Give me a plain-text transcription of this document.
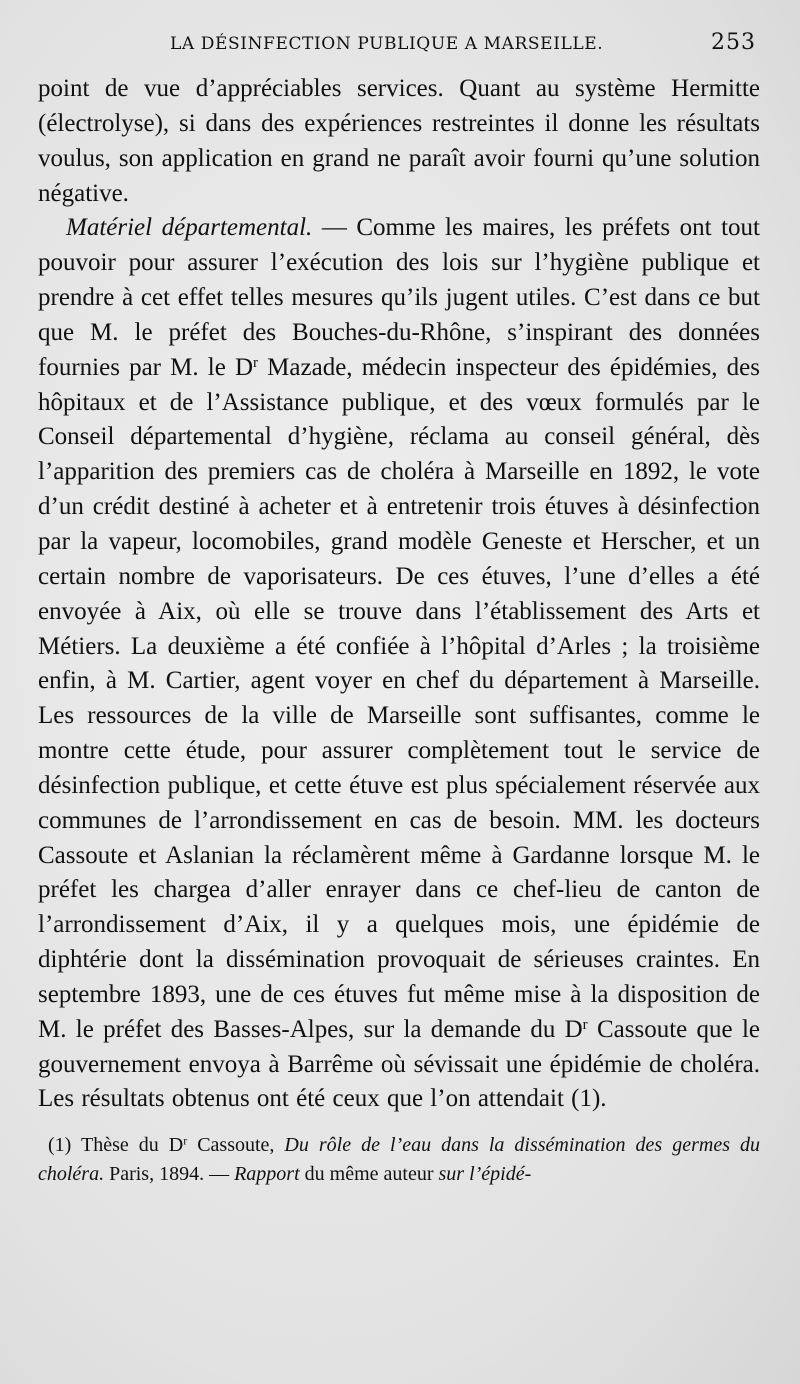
LA DÉSINFECTION PUBLIQUE A MARSEILLE.	253

point de vue d’appréciables services. Quant au système Hermitte (électrolyse), si dans des expériences restreintes il donne les résultats voulus, son application en grand ne paraît avoir fourni qu’une solution négative.

Matériel départemental. — Comme les maires, les préfets ont tout pouvoir pour assurer l’exécution des lois sur l’hygiène publique et prendre à cet effet telles mesures qu’ils jugent utiles. C’est dans ce but que M. le préfet des Bouches-du-Rhône, s’inspirant des données fournies par M. le $D^r$ Mazade, médecin inspecteur des épidémies, des hôpitaux et de l’Assistance publique, et des vœux formulés par le Conseil départemental d’hygiène, réclama au conseil général, dès l’apparition des premiers cas de choléra à Marseille en 1892, le vote d’un crédit destiné à acheter et à entretenir trois étuves à désinfection par la vapeur, locomobiles, grand modèle Geneste et Herscher, et un certain nombre de vaporisateurs. De ces étuves, l’une d’elles a été envoyée à Aix, où elle se trouve dans l’établissement des Arts et Métiers. La deuxième a été confiée à l’hôpital d’Arles ; la troisième enfin, à M. Cartier, agent voyer en chef du département à Marseille. Les ressources de la ville de Marseille sont suffisantes, comme le montre cette étude, pour assurer complètement tout le service de désinfection publique, et cette étuve est plus spécialement réservée aux communes de l’arrondissement en cas de besoin. MM. les docteurs Cassoute et Aslanian la réclamèrent même à Gardanne lorsque M. le préfet les chargea d’aller enrayer dans ce chef-lieu de canton de l’arrondissement d’Aix, il y a quelques mois, une épidémie de diphtérie dont la dissémination provoquait de sérieuses craintes. En septembre 1893, une de ces étuves fut même mise à la disposition de M. le préfet des Basses-Alpes, sur la demande du $D^r$ Cassoute que le gouvernement envoya à Barrême où sévissait une épidémie de choléra. Les résultats obtenus ont été ceux que l’on attendait (1).

(1) Thèse du $D^r$ Cassoute, Du rôle de l’eau dans la dissémination des germes du choléra. Paris, 1894. — Rapport du même auteur sur l’épidé-
